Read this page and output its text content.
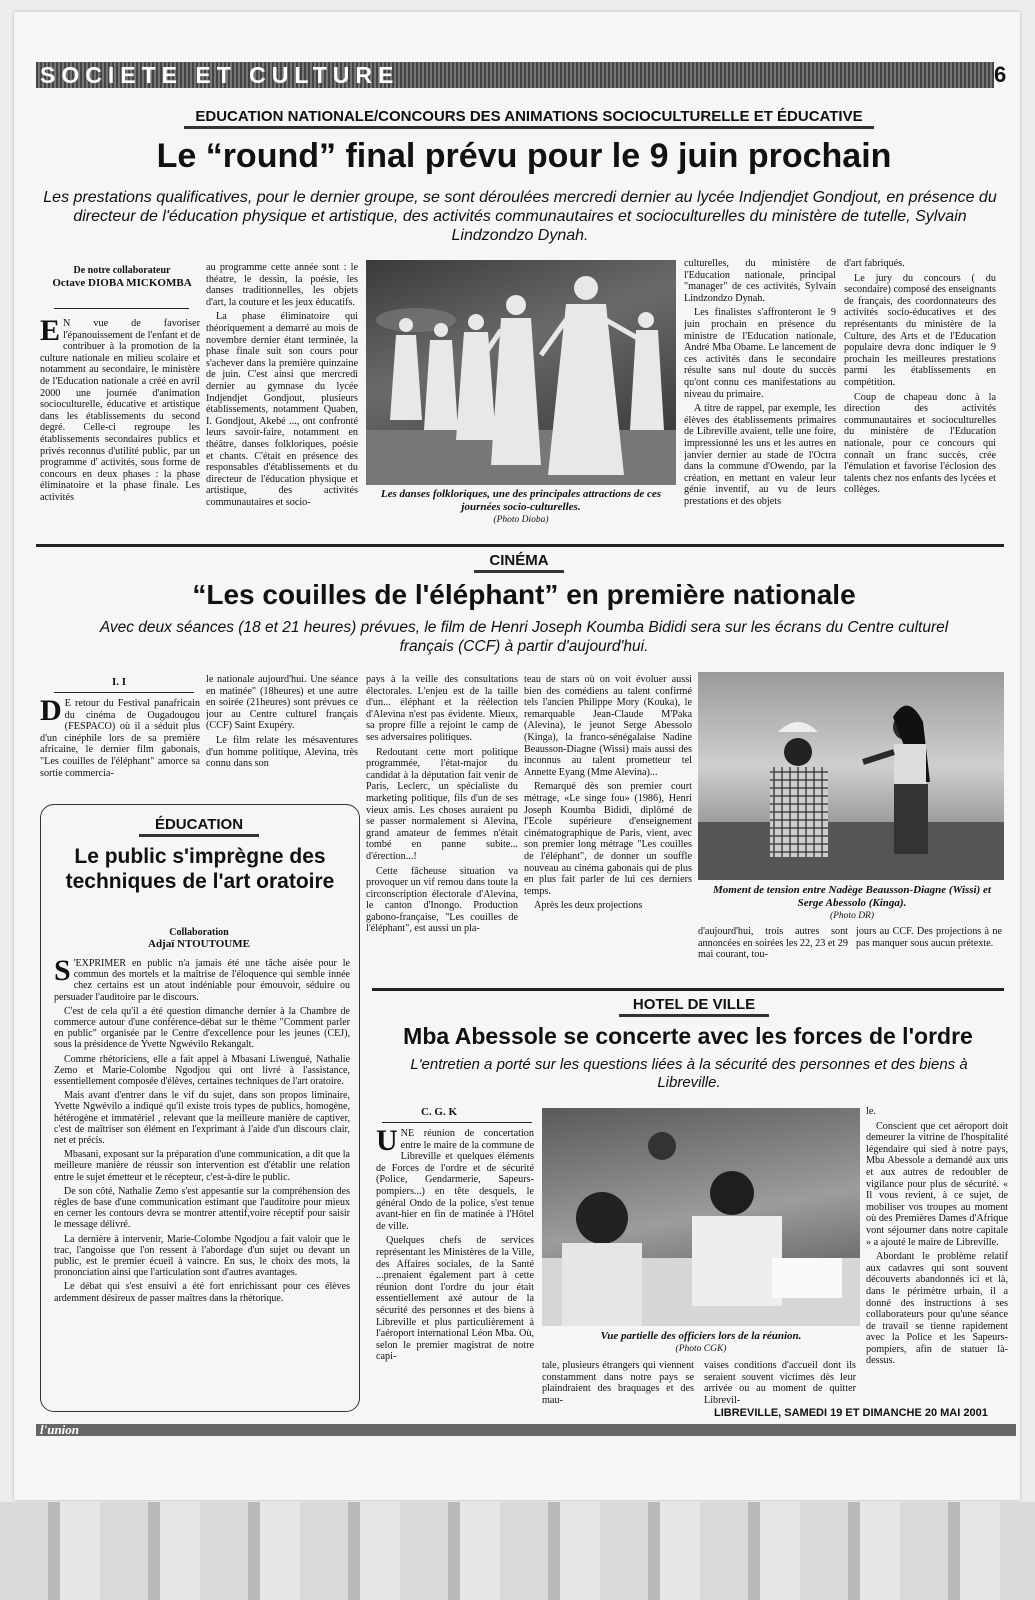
SOCIETE ET CULTURE	6
EDUCATION NATIONALE/CONCOURS DES ANIMATIONS SOCIOCULTURELLE ET ÉDUCATIVE
Le “round” final prévu pour le 9 juin prochain
Les prestations qualificatives, pour le dernier groupe, se sont déroulées mercredi dernier au lycée Indjendjet Gondjout, en présence du directeur de l'éducation physique et artistique, des activités communautaires et socioculturelles du ministère de tutelle, Sylvain Lindzondzo Dynah.
De notre collaborateur
Octave DIOBA MICKOMBA
E N vue de favoriser l'épanouissement de l'enfant et de contribuer à la promotion de la culture nationale en milieu scolaire et notamment au secondaire, le ministère de l'Education nationale a créé en avril 2000 une journée d'animation socioculturelle, éducative et artistique dans les établissements du second degré. Celle-ci regroupe les établissements secondaires publics et privés reconnus d'utilité public, par un programme d' activités, sous forme de concours en deux phases : la phase éliminatoire et la phase finale. Les activités

au programme cette année sont : le théatre, le dessin, la poésie, les danses traditionnelles, les objets d'art, la couture et les jeux éducatifs.

La phase éliminatoire qui théoriquement a demarré au mois de novembre dernier étant terminée, la phase finale suit son cours pour s'achever dans la première quinzaine de juin. C'est ainsi que mercredi dernier au gymnase du lycée Indjendjet Gondjout, plusieurs établissements, notamment Quaben, I. Gondjout, Akebé ..., ont confronté leurs savoir-faire, notamment en théâtre, danses folkloriques, poésie et chants. C'était en présence des responsables d'établissements et du directeur de l'éducation physique et artistique, des activités communautaires et socio-

Les danses folkloriques, une des principales attractions de ces journées socio-culturelles.
(Photo Dioba)

culturelles, du ministère de l'Education nationale, principal "manager" de ces activités, Sylvain Lindzondzo Dynah.

Les finalistes s'affronteront le 9 juin prochain en présence du ministre de l'Education nationale, André Mba Obame. Le lancement de ces activités dans le secondaire résulte sans nul doute du succès qu'ont connu ces manifestations au niveau du primaire.

A titre de rappel, par exemple, les élèves des établissements primaires de Libreville avaient, telle une foire, impressionné les uns et les autres en janvier dernier au stade de l'Octra dans la commune d'Owendo, par la création, en mettant en valeur leur génie inventif, au vu de leurs prestations et des objets

d'art fabriqués.

Le jury du concours ( du secondaire) composé des enseignants de français, des coordonnateurs des activités socio-éducatives et des représentants du ministère de la Culture, des Arts et de l'Education populaire devra donc indiquer le 9 prochain les meilleures prestations parmi les établissements en compétition.

Coup de chapeau donc à la direction des activités communautaires et socioculturelles du ministère de l'Education nationale, pour ce concours qui connaît un franc succès, crée l'émulation et favorise l'éclosion des talents chez nos enfants des lycées et collèges.

CINÉMA
“Les couilles de l'éléphant” en première nationale
Avec deux séances (18 et 21 heures) prévues, le film de Henri Joseph Koumba Bididi sera sur les écrans du Centre culturel français (CCF) à partir d'aujourd'hui.
I. I
D E retour du Festival panafricain du cinéma de Ougadougou (FESPACO) où il a séduit plus d'un cinéphile lors de sa première africaine, le dernier film gabonais, "Les couilles de l'éléphant" amorce sa sortie commercia-

le nationale aujourd'hui. Une séance en matinée" (18heures) et une autre en soirée (21heures) sont prévues ce jour au Centre culturel français (CCF) Saint Exupéry.

Le film relate les mésaventures d'un homme politique, Alevina, très connu dans son

pays à la veille des consultations électorales. L'enjeu est de la taille d'un... éléphant et la réélection d'Alevina n'est pas évidente. Mieux, sa propre fille a rejoint le camp de ses adversaires politiques.

Redoutant cette mort politique programmée, l'état-major du candidat à la députation fait venir de Paris, Leclerc, un spécialiste du marketing politique, fils d'un de ses vieux amis. Les choses auraient pu se passer normalement si Alevina, grand amateur de femmes n'était tombé en panne subite... d'érection...!

Cette fâcheuse situation va provoquer un vif remou dans toute la circonscription électorale d'Alevina, le canton d'Inongo. Production gabono-française, "Les couilles de l'éléphant", est aussi un pla-

teau de stars où on voit évoluer aussi bien des comédiens au talent confirmé tels l'ancien Philippe Mory (Kouka), le remarquable Jean-Claude M'Paka (Alevina), le jeunot Serge Abessolo (Kinga), la franco-sénégalaise Nadine Beausson-Diagne (Wissi) mais aussi des inconnus au talent prometteur tel Annette Eyang (Mme Alevina)...

Remarqué dès son premier court métrage, «Le singe fou» (1986), Henri Joseph Koumba Bididi, diplômé de l'Ecole supérieure d'enseignement cinématographique de Paris, vient, avec son premier long métrage "Les couilles de l'éléphant", de donner un souffle nouveau au cinéma gabonais qui de plus en plus fait parler de lui ces derniers temps.

Après les deux projections

Moment de tension entre Nadège Beausson-Diagne (Wissi) et Serge Abessolo (Kinga).
(Photo DR)

d'aujourd'hui, trois autres sont annoncées en soirées les 22, 23 et 29 mai courant, tou-

jours au CCF. Des projections à ne pas manquer sous aucun prétexte.

ÉDUCATION
Le public s'imprègne des techniques de l'art oratoire
Collaboration
Adjaï NTOUTOUME

S 'EXPRIMER en public n'a jamais été une tâche aisée pour le commun des mortels et la maîtrise de l'éloquence qui semble innée chez certains est un atout indéniable pour émouvoir, séduire ou persuader l'auditoire par le discours.

C'est de cela qu'il a été question dimanche dernier à la Chambre de commerce autour d'une conférence-débat sur le thème "Comment parler en public" organisée par le Centre d'excellence pour les jeunes (CEJ), sous la présidence de Yvette Ngwévilo Rekangalt.

Comme rhétoriciens, elle a fait appel à Mbasani Liwengué, Nathalie Zemo et Marie-Colombe Ngodjou qui ont livré à l'assistance, essentiellement composée d'élèves, certaines techniques de l'art oratoire.

Mais avant d'entrer dans le vif du sujet, dans son propos liminaire, Yvette Ngwévilo a indiqué qu'il existe trois types de publics, homogène, hétérogène et immatériel , relevant que la meilleure manière de captiver, c'est de maîtriser son élément en l'exprimant à l'aide d'un discours clair, net et précis.

Mbasani, exposant sur la préparation d'une communication, a dit que la meilleure manière de réussir son intervention est d'établir une relation entre le sujet émetteur et le récepteur, c'est-à-dire le public.

De son côté, Nathalie Zemo s'est appesantie sur la compréhension des règles de base d'une communication estimant que l'auditoire pour mieux en cerner les contours devra se montrer attentif,voire réceptif pour saisir le message délivré.

La dernière à intervenir, Marie-Colombe Ngodjou a fait valoir que le trac, l'angoisse que l'on ressent à l'abordage d'un sujet ou devant un public, est le premier écueil à vaincre. En sus, le choix des mots, la prononciation ainsi que l'articulation sont d'autres avantages.

Le débat qui s'est ensuivi a été fort enrichissant pour ces élèves ardemment désireux de passer maîtres dans la rhétorique.

HOTEL DE VILLE
Mba Abessole se concerte avec les forces de l'ordre
L'entretien a porté sur les questions liées à la sécurité des personnes et des biens à Libreville.
C. G. K

UNE réunion de concertation entre le maire de la commune de Libreville et quelques éléments de Forces de l'ordre et de sécurité (Police, Gendarmerie, Sapeurs-pompiers...) en tête desquels, le général Ondo de la police, s'est tenue avant-hier en fin de matinée à l'Hôtel de ville.

Quelques chefs de services représentant les Ministères de la Ville, des Affaires sociales, de la Santé ...prenaient également part à cette réunion dont l'ordre du jour était essentiellement axé autour de la sécurité des personnes et des biens à Libreville et plus particulièrement à l'aéroport international Léon Mba. Où, selon le premier magistrat de notre capi-

Vue partielle des officiers lors de la réunion.
(Photo CGK)

tale, plusieurs étrangers qui viennent constamment dans notre pays se plaindraient des braquages et des mau-

vaises conditions d'accueil dont ils seraient souvent victimes dès leur arrivée ou au moment de quitter Librevil-

le.

Conscient que cet aéroport doit demeurer la vitrine de l'hospitalité légendaire qui sied à notre pays, Mba Abessole a demandé aux uns et aux autres de redoubler de vigilance pour plus de sécurité. « Il vous revient, à ce sujet, de mobiliser vos troupes au moment où des Premières Dames d'Afrique vont séjourner dans notre capitale » a ajouté le maire de Libreville.

Abordant le problème relatif aux cadavres qui sont souvent découverts abandonnés ici et là, dans le périmètre urbain, il a donné des instructions à ses collaborateurs pour qu'une séance de travail se tienne rapidement avec la Police et les Sapeurs-pompiers, afin de statuer là-dessus.

LIBREVILLE, SAMEDI 19 ET DIMANCHE 20 MAI 2001
l'union
